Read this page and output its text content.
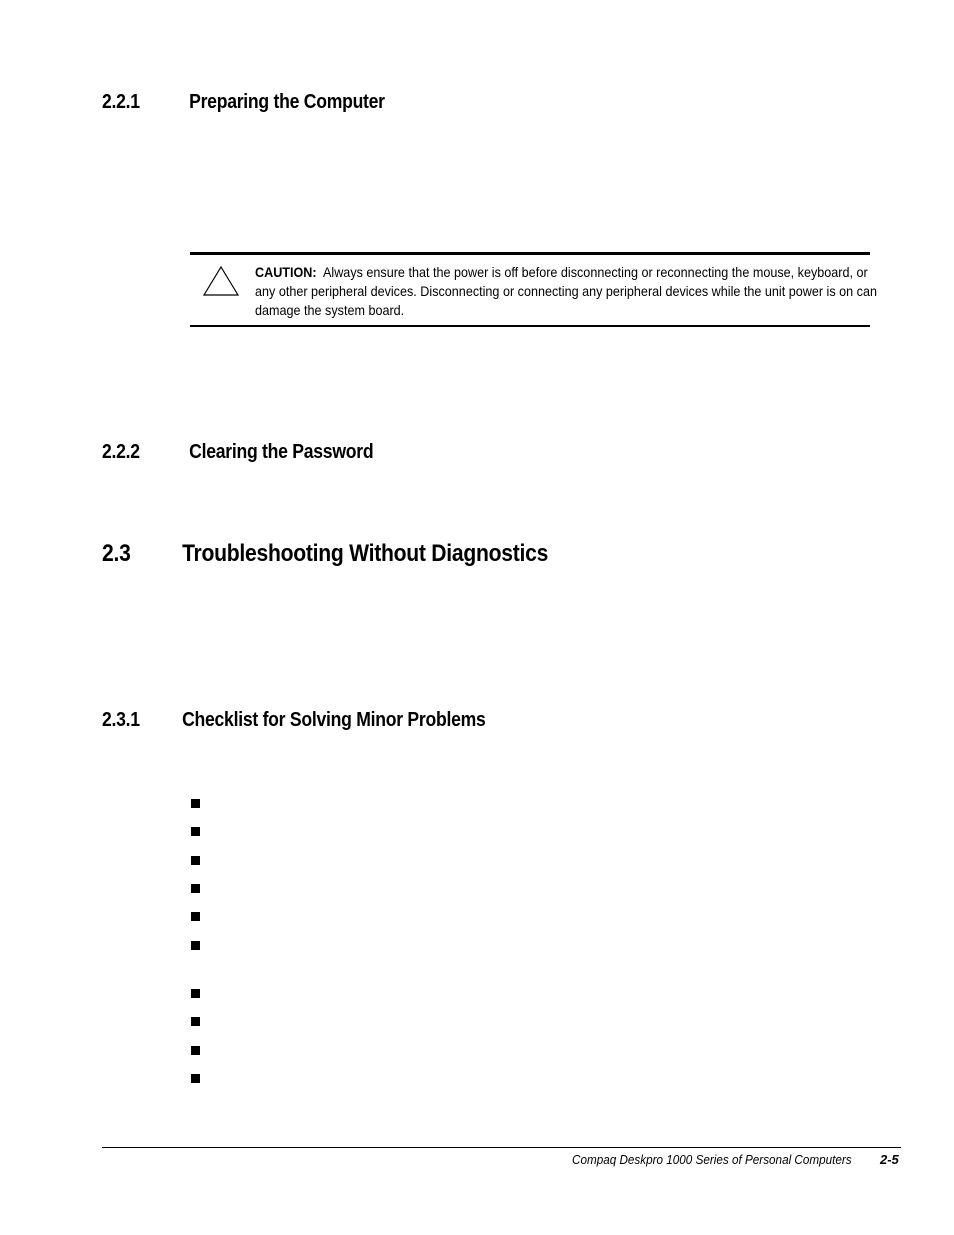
2.2.1 Preparing the Computer
CAUTION: Always ensure that the power is off before disconnecting or reconnecting the mouse, keyboard, or any other peripheral devices. Disconnecting or connecting any peripheral devices while the unit power is on can damage the system board.
2.2.2 Clearing the Password
2.3 Troubleshooting Without Diagnostics
2.3.1 Checklist for Solving Minor Problems
Compaq Deskpro 1000 Series of Personal Computers 2-5
